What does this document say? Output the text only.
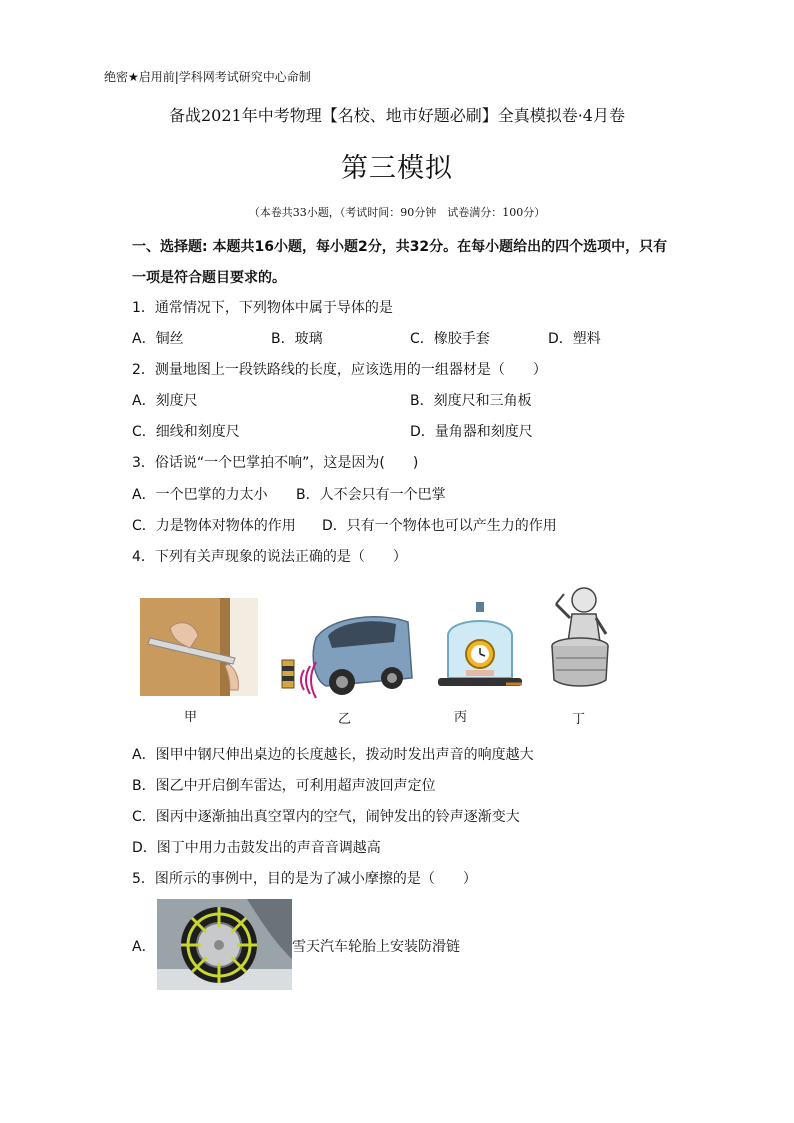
绝密★启用前|学科网考试研究中心命制
备战2021年中考物理【名校、地市好题必刷】全真模拟卷·4月卷
第三模拟
（本卷共33小题，（考试时间：90分钟　试卷满分：100分）
一、选择题: 本题共16小题，每小题2分，共32分。在每小题给出的四个选项中，只有一项是符合题目要求的。
1．通常情况下，下列物体中属于导体的是
A．铜丝	B．玻璃	C．橡胶手套	D．塑料
2．测量地图上一段铁路线的长度，应该选用的一组器材是（　　）
A．刻度尺	B．刻度尺和三角板
C．细线和刻度尺	D．量角器和刻度尺
3．俗话说“一个巴掌拍不响”，这是因为(　　)
A．一个巴掌的力太小 B．人不会只有一个巴掌
C．力是物体对物体的作用 D．只有一个物体也可以产生力的作用
4．下列有关声现象的说法正确的是（　　）
甲	乙	丙	丁
A．图甲中钢尺伸出桌边的长度越长，拨动时发出声音的响度越大
B．图乙中开启倒车雷达，可利用超声波回声定位
C．图丙中逐渐抽出真空罩内的空气，闹钟发出的铃声逐渐变大
D．图丁中用力击鼓发出的声音音调越高
5．图所示的事例中，目的是为了减小摩擦的是（　　）
A．	雪天汽车轮胎上安装防滑链
